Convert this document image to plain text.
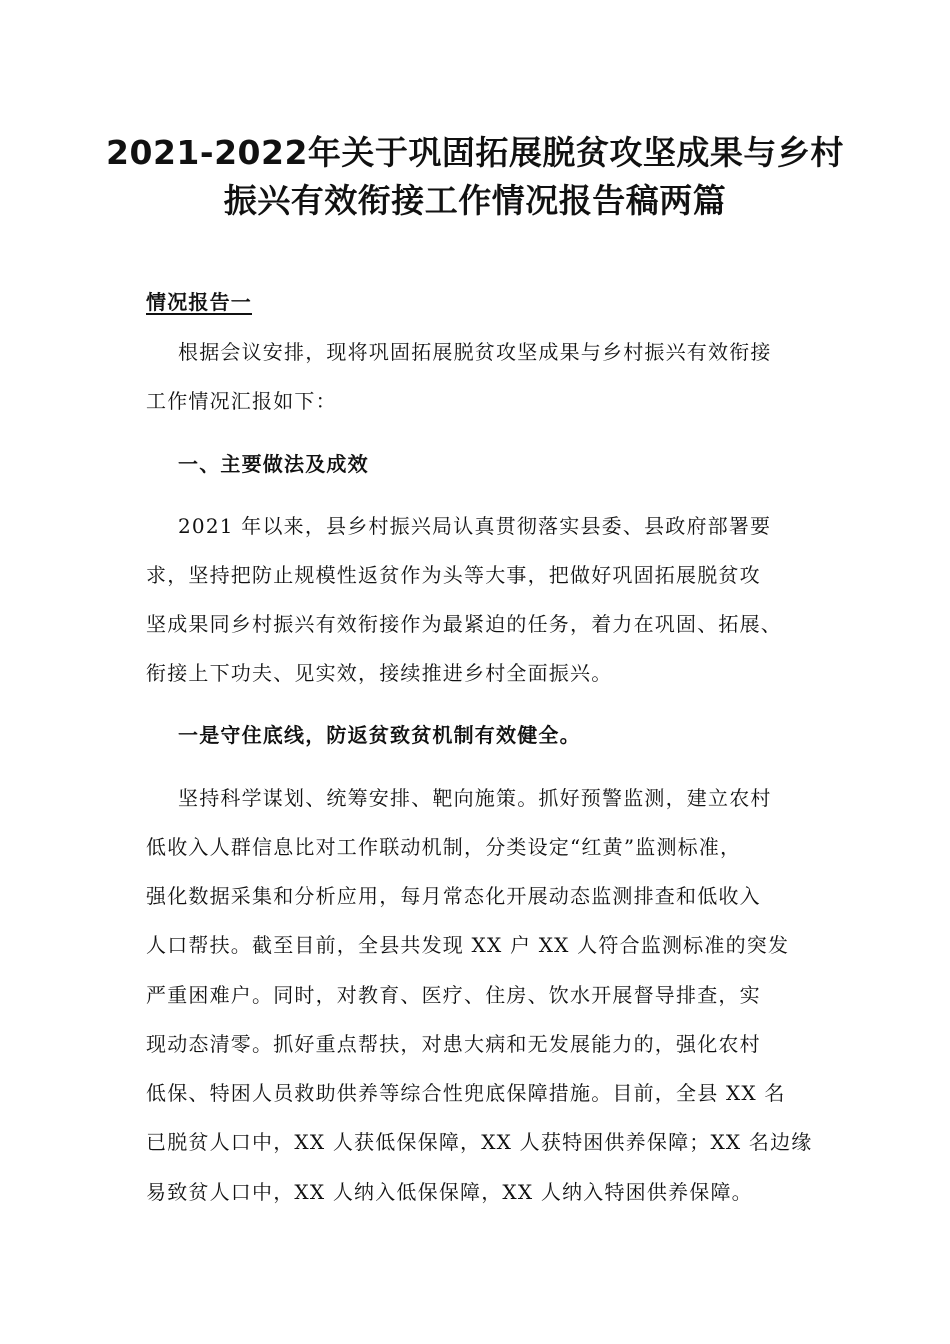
2021-2022年关于巩固拓展脱贫攻坚成果与乡村
振兴有效衔接工作情况报告稿两篇
情况报告一
根据会议安排，现将巩固拓展脱贫攻坚成果与乡村振兴有效衔接
工作情况汇报如下：
一、主要做法及成效
2021 年以来，县乡村振兴局认真贯彻落实县委、县政府部署要
求，坚持把防止规模性返贫作为头等大事，把做好巩固拓展脱贫攻
坚成果同乡村振兴有效衔接作为最紧迫的任务，着力在巩固、拓展、
衔接上下功夫、见实效，接续推进乡村全面振兴。
一是守住底线，防返贫致贫机制有效健全。
坚持科学谋划、统筹安排、靶向施策。抓好预警监测，建立农村
低收入人群信息比对工作联动机制，分类设定“红黄”监测标准，
强化数据采集和分析应用，每月常态化开展动态监测排查和低收入
人口帮扶。截至目前，全县共发现 XX 户 XX 人符合监测标准的突发
严重困难户。同时，对教育、医疗、住房、饮水开展督导排查，实
现动态清零。抓好重点帮扶，对患大病和无发展能力的，强化农村
低保、特困人员救助供养等综合性兜底保障措施。目前，全县 XX 名
已脱贫人口中，XX 人获低保保障，XX 人获特困供养保障；XX 名边缘
易致贫人口中，XX 人纳入低保保障，XX 人纳入特困供养保障。
